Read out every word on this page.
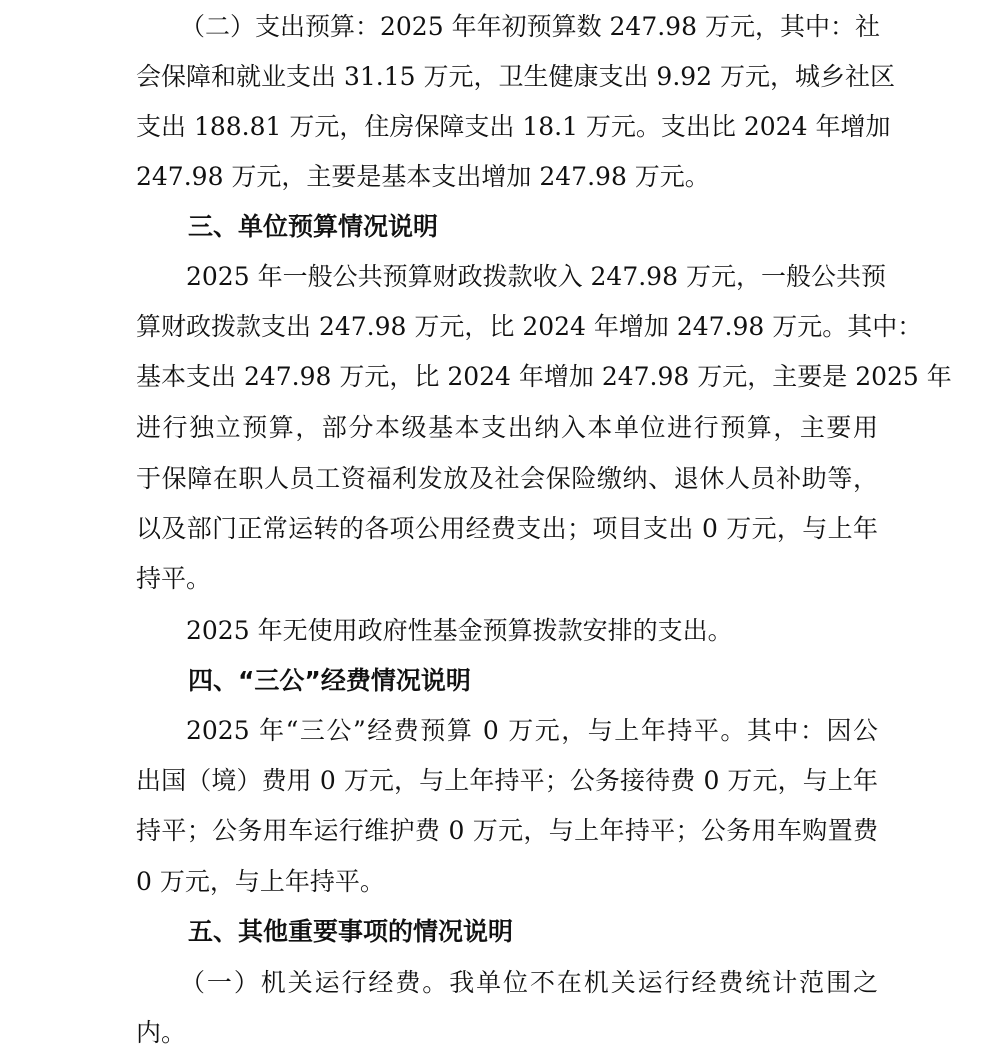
（二）支出预算：2025 年年初预算数 247.98 万元，其中：社
会保障和就业支出 31.15 万元，卫生健康支出 9.92 万元，城乡社区
支出 188.81 万元，住房保障支出 18.1 万元。支出比 2024 年增加
247.98 万元，主要是基本支出增加 247.98 万元。
三、单位预算情况说明
2025 年一般公共预算财政拨款收入 247.98 万元，一般公共预
算财政拨款支出 247.98 万元，比 2024 年增加 247.98 万元。其中：
基本支出 247.98 万元，比 2024 年增加 247.98 万元，主要是 2025 年
进行独立预算，部分本级基本支出纳入本单位进行预算，主要用
于保障在职人员工资福利发放及社会保险缴纳、退休人员补助等，
以及部门正常运转的各项公用经费支出；项目支出 0 万元，与上年
持平。
2025 年无使用政府性基金预算拨款安排的支出。
四、“三公”经费情况说明
2025 年“三公”经费预算 0 万元，与上年持平。其中：因公
出国（境）费用 0 万元，与上年持平；公务接待费 0 万元，与上年
持平；公务用车运行维护费 0 万元，与上年持平；公务用车购置费
0 万元，与上年持平。
五、其他重要事项的情况说明
（一）机关运行经费。我单位不在机关运行经费统计范围之
内。
